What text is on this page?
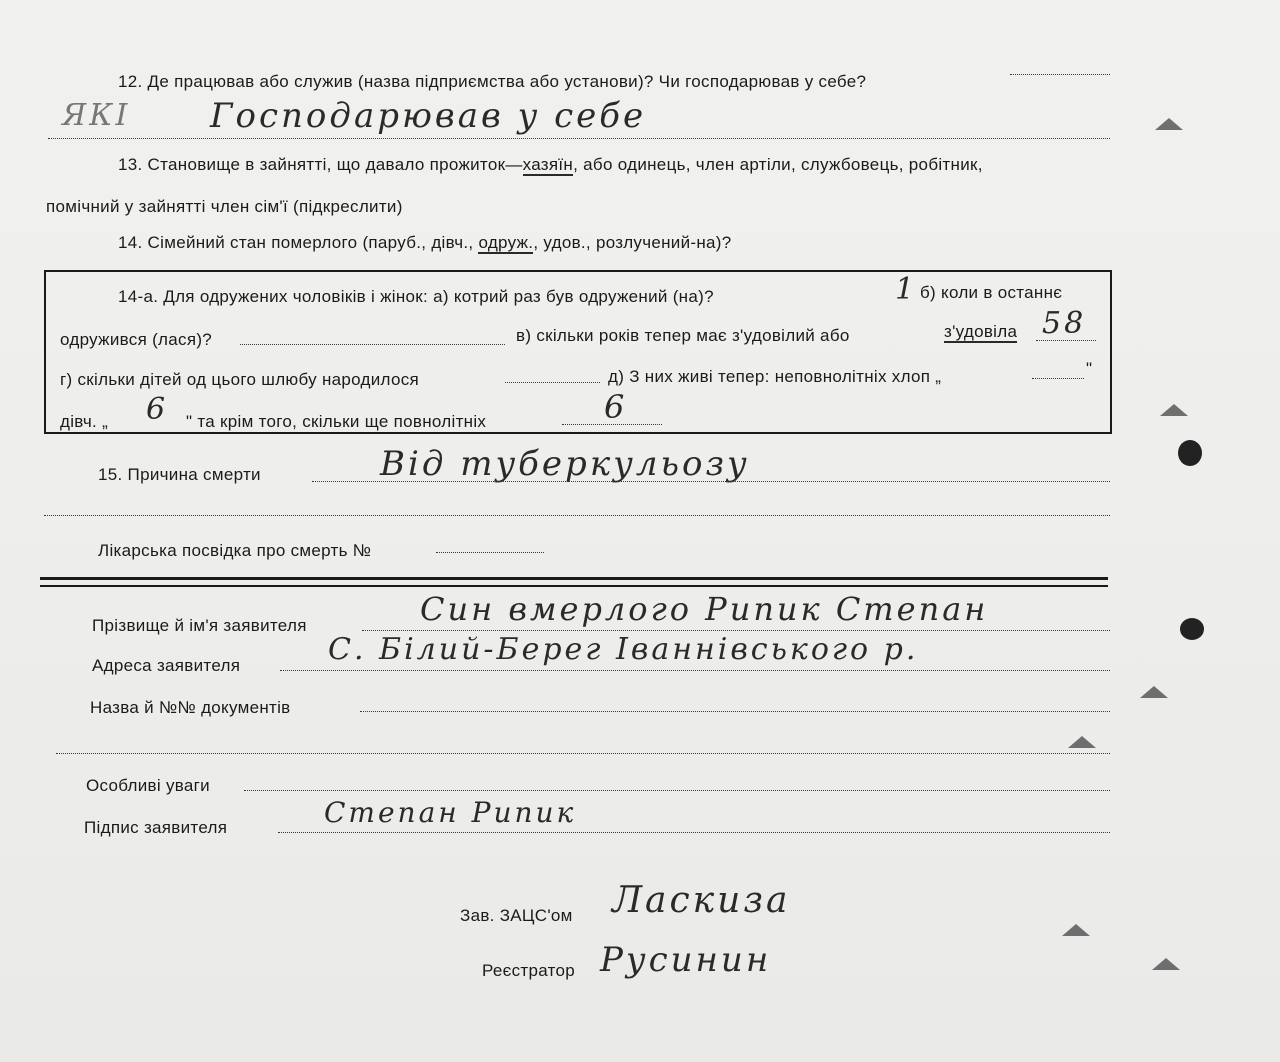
12. Де працював або служив (назва підприємства або установи)? Чи господарював у себе?
ЯКІ Господарював у себе
13. Становище в зайнятті, що давало прожиток—хазяїн, або одинець, член артіли, службовець, робітник,
помічний у зайнятті член сім'ї (підкреслити)
14. Сімейний стан померлого (паруб., дівч., одруж., удов., розлучений-на)?
14-а. Для одружених чоловіків і жінок: а) котрий раз був одружений (на)?	1 б) коли в останнє
одружився (лася)?	в) скільки років тепер має з'удовілий або	з'удовіла 58
г) скільки дітей од цього шлюбу народилося	д) З них живі тепер: неповнолітніх хлоп „	"
дівч. „ 6 " та крім того, скільки ще повнолітніх	6
15. Причина смерти	Від туберкульозу
Лікарська посвідка про смерть №
Прізвище й ім'я заявителя	Син вмерлого Рипик Степан
Адреса заявителя	С. Білий-Берег Іваннівського р.
Назва й №№ документів
Особливі уваги
Підпис заявителя	Степан Рипик
Зав. ЗАЦС'ом Ласкиза
Реєстратор Русинин
